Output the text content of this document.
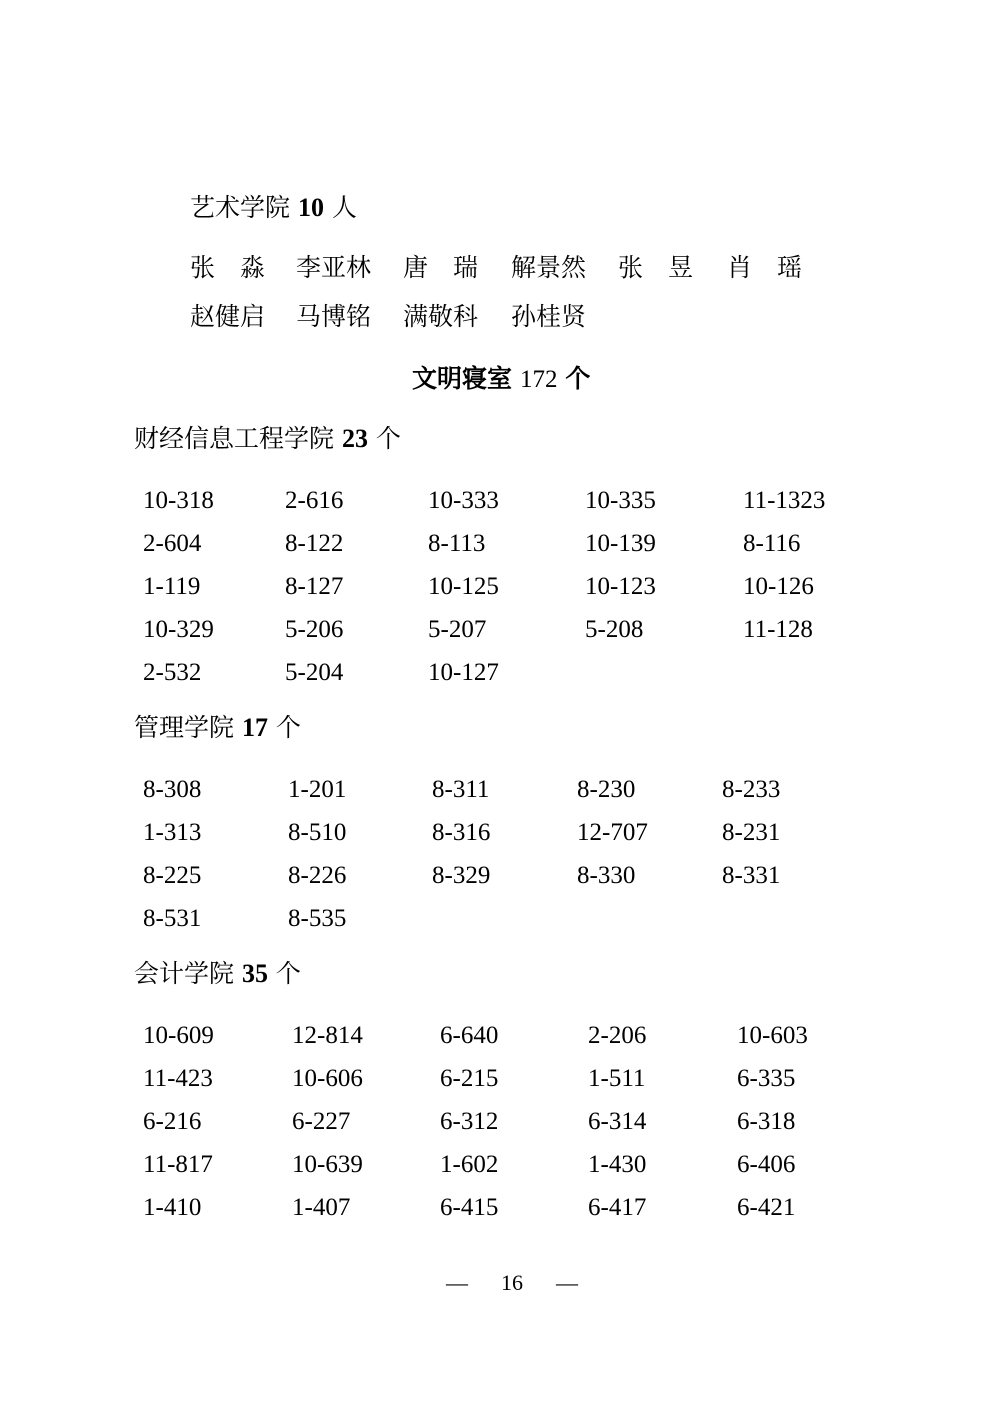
艺术学院 10 人
张　淼 李亚林 唐　瑞 解景然 张　昱 肖　瑶
赵健启 马博铭 满敬科 孙桂贤
文明寝室 172 个
财经信息工程学院 23 个
10-318	2-616	10-333	10-335	11-1323
2-604	8-122	8-113	10-139	8-116
1-119	8-127	10-125	10-123	10-126
10-329	5-206	5-207	5-208	11-128
2-532	5-204	10-127
管理学院 17 个
8-308	1-201	8-311	8-230	8-233
1-313	8-510	8-316	12-707	8-231
8-225	8-226	8-329	8-330	8-331
8-531	8-535
会计学院 35 个
10-609	12-814	6-640	2-206	10-603
11-423	10-606	6-215	1-511	6-335
6-216	6-227	6-312	6-314	6-318
11-817	10-639	1-602	1-430	6-406
1-410	1-407	6-415	6-417	6-421
— 16 —
